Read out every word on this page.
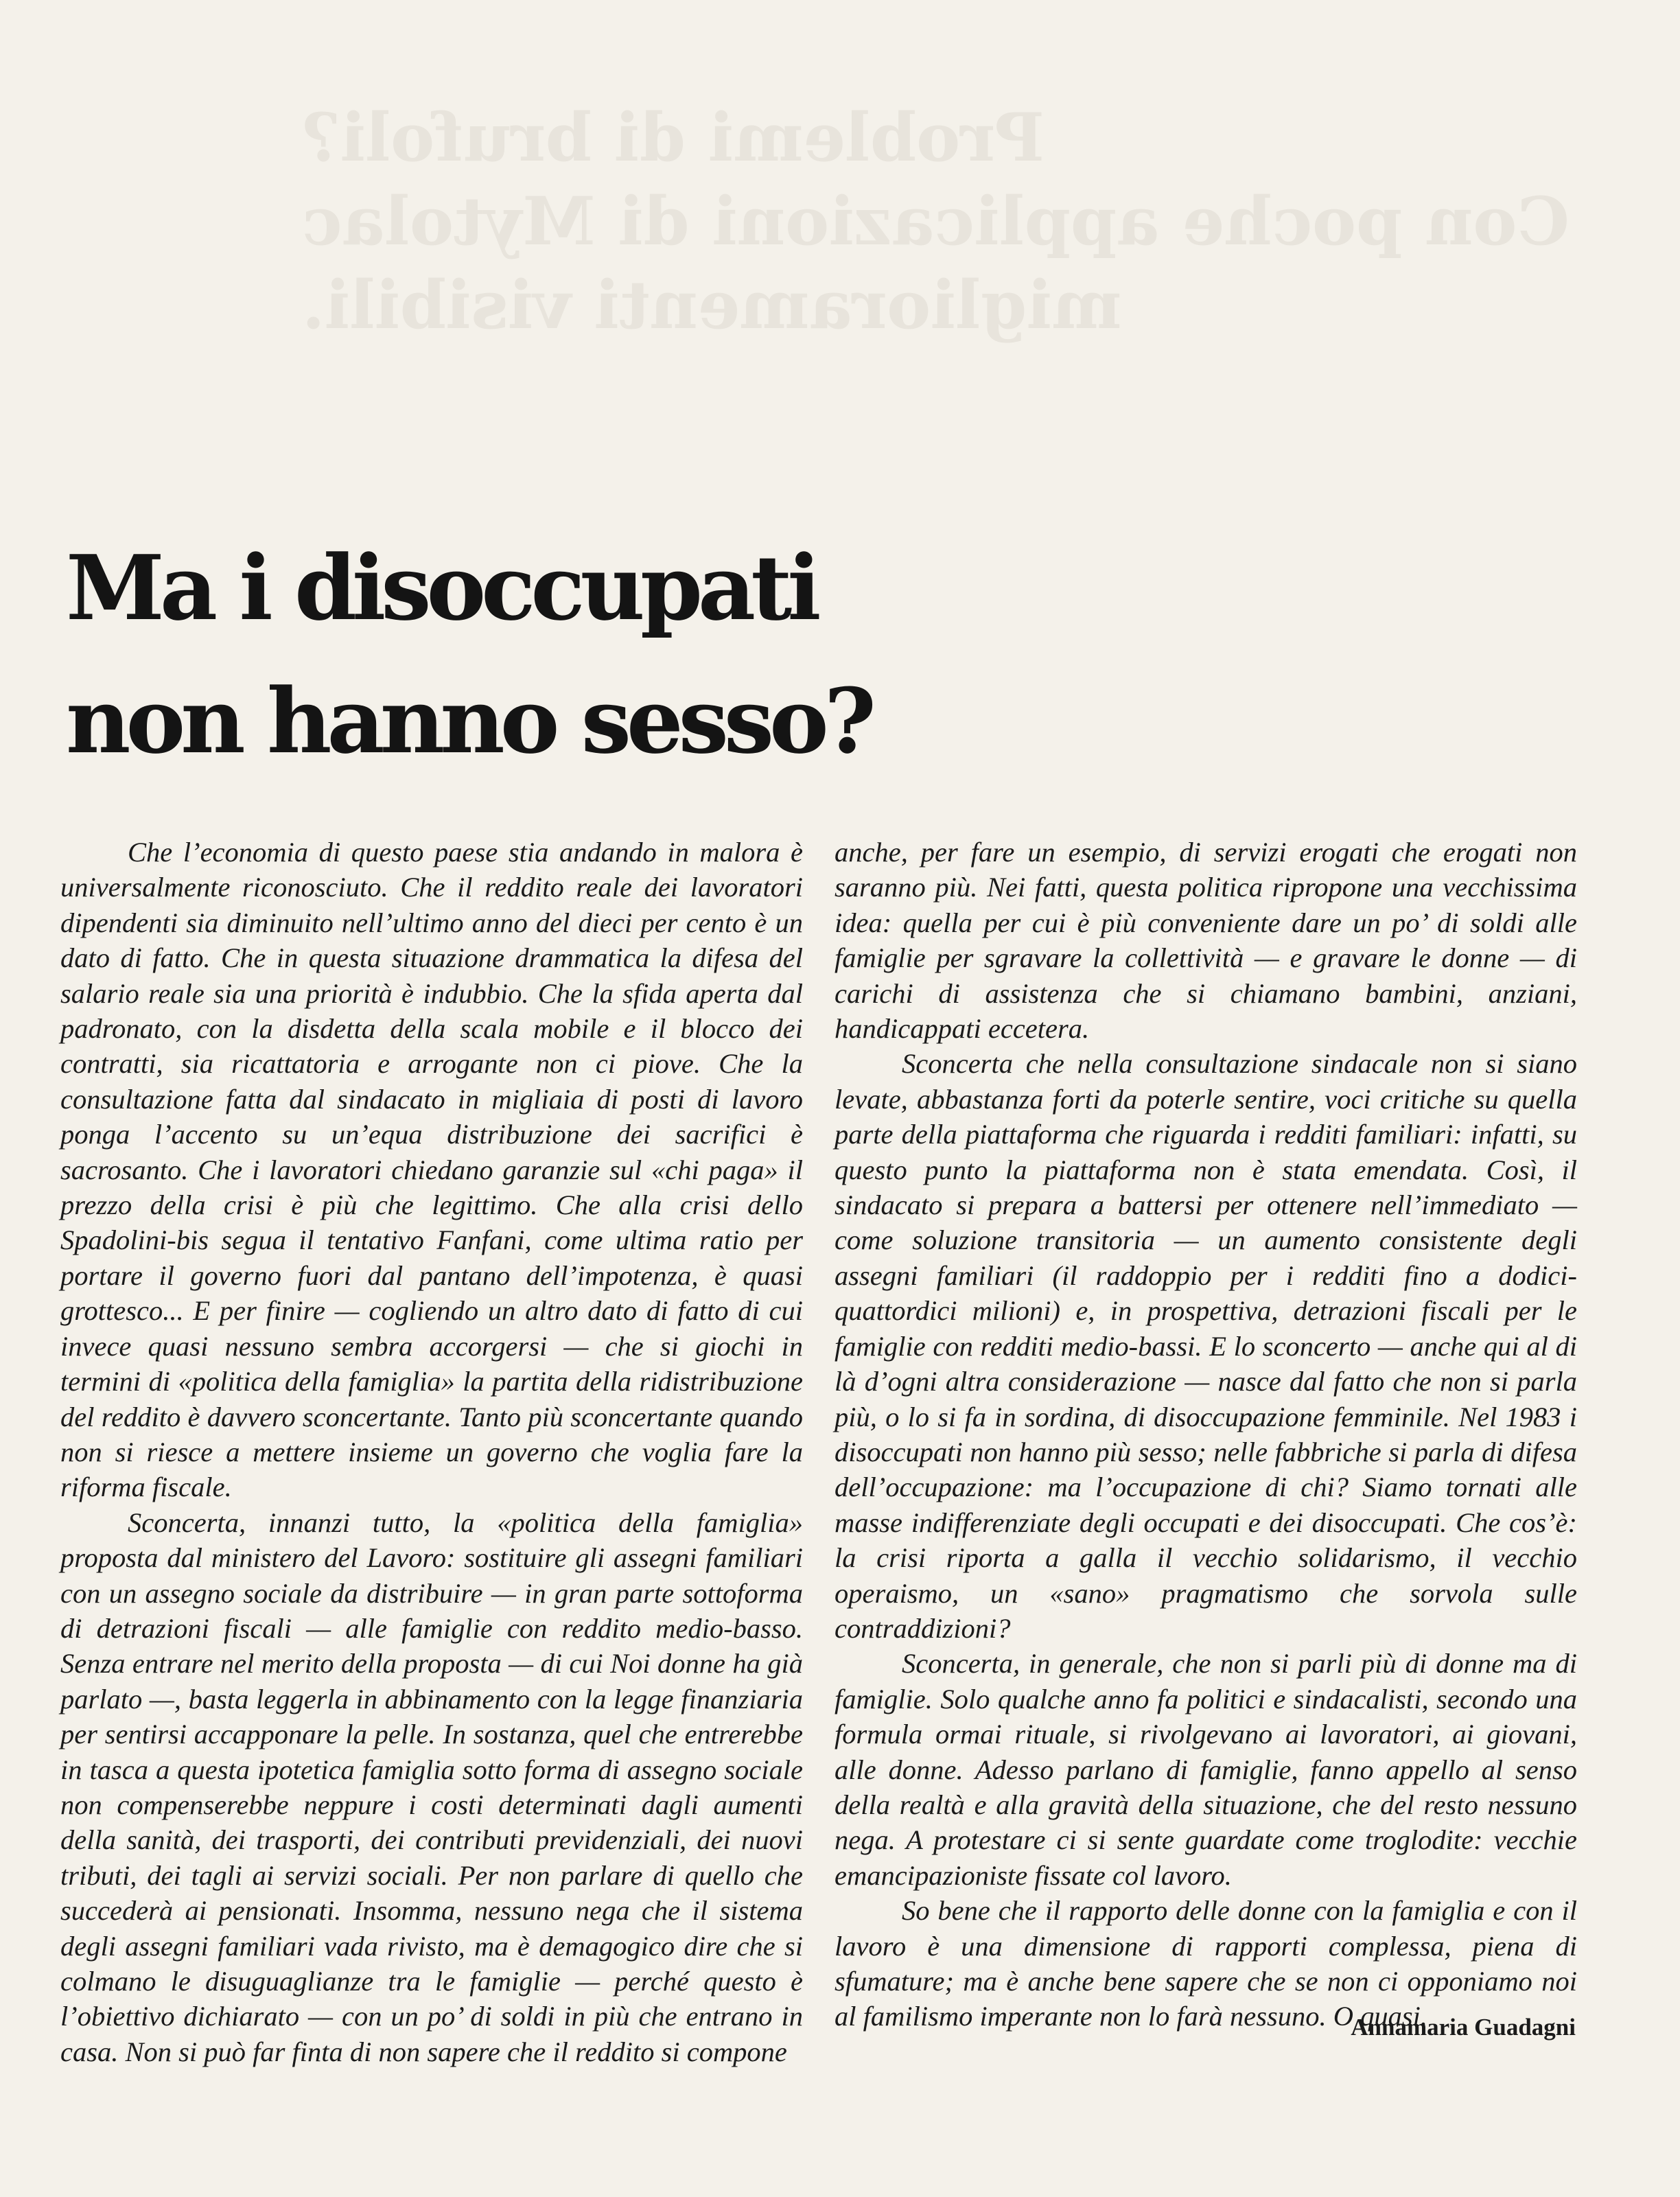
Problemi di brufoli?
Con poche applicazioni di Mytolac
miglioramenti visibili.
Ma i disoccupati
non hanno sesso?

Che l’economia di questo paese stia andando in malora è universalmente riconosciuto. Che il reddito reale dei lavoratori dipendenti sia diminuito nell’ultimo anno del dieci per cento è un dato di fatto. Che in questa situazione drammatica la difesa del salario reale sia una priorità è indubbio. Che la sfida aperta dal padronato, con la disdetta della scala mobile e il blocco dei contratti, sia ricattatoria e arrogante non ci piove. Che la consultazione fatta dal sindacato in migliaia di posti di lavoro ponga l’accento su un’equa distribuzione dei sacrifici è sacrosanto. Che i lavoratori chiedano garanzie sul «chi paga» il prezzo della crisi è più che legittimo. Che alla crisi dello Spadolini-bis segua il tentativo Fanfani, come ultima ratio per portare il governo fuori dal pantano dell’impotenza, è quasi grottesco... E per finire — cogliendo un altro dato di fatto di cui invece quasi nessuno sembra accorgersi — che si giochi in termini di «politica della famiglia» la partita della ridistribuzione del reddito è davvero sconcertante. Tanto più sconcertante quando non si riesce a mettere insieme un governo che voglia fare la riforma fiscale.

Sconcerta, innanzi tutto, la «politica della famiglia» proposta dal ministero del Lavoro: sostituire gli assegni familiari con un assegno sociale da distribuire — in gran parte sottoforma di detrazioni fiscali — alle famiglie con reddito medio-basso. Senza entrare nel merito della proposta — di cui Noi donne ha già parlato —, basta leggerla in abbinamento con la legge finanziaria per sentirsi accapponare la pelle. In sostanza, quel che entrerebbe in tasca a questa ipotetica famiglia sotto forma di assegno sociale non compenserebbe neppure i costi determinati dagli aumenti della sanità, dei trasporti, dei contributi previdenziali, dei nuovi tributi, dei tagli ai servizi sociali. Per non parlare di quello che succederà ai pensionati. Insomma, nessuno nega che il sistema degli assegni familiari vada rivisto, ma è demagogico dire che si colmano le disuguaglianze tra le famiglie — perché questo è l’obiettivo dichiarato — con un po’ di soldi in più che entrano in casa. Non si può far finta di non sapere che il reddito si compone

anche, per fare un esempio, di servizi erogati che erogati non saranno più. Nei fatti, questa politica ripropone una vecchissima idea: quella per cui è più conveniente dare un po’ di soldi alle famiglie per sgravare la collettività — e gravare le donne — di carichi di assistenza che si chiamano bambini, anziani, handicappati eccetera.

Sconcerta che nella consultazione sindacale non si siano levate, abbastanza forti da poterle sentire, voci critiche su quella parte della piattaforma che riguarda i redditi familiari: infatti, su questo punto la piattaforma non è stata emendata. Così, il sindacato si prepara a battersi per ottenere nell’immediato — come soluzione transitoria — un aumento consistente degli assegni familiari (il raddoppio per i redditi fino a dodici-quattordici milioni) e, in prospettiva, detrazioni fiscali per le famiglie con redditi medio-bassi. E lo sconcerto — anche qui al di là d’ogni altra considerazione — nasce dal fatto che non si parla più, o lo si fa in sordina, di disoccupazione femminile. Nel 1983 i disoccupati non hanno più sesso; nelle fabbriche si parla di difesa dell’occupazione: ma l’occupazione di chi? Siamo tornati alle masse indifferenziate degli occupati e dei disoccupati. Che cos’è: la crisi riporta a galla il vecchio solidarismo, il vecchio operaismo, un «sano» pragmatismo che sorvola sulle contraddizioni?

Sconcerta, in generale, che non si parli più di donne ma di famiglie. Solo qualche anno fa politici e sindacalisti, secondo una formula ormai rituale, si rivolgevano ai lavoratori, ai giovani, alle donne. Adesso parlano di famiglie, fanno appello al senso della realtà e alla gravità della situazione, che del resto nessuno nega. A protestare ci si sente guardate come troglodite: vecchie emancipazioniste fissate col lavoro.

So bene che il rapporto delle donne con la famiglia e con il lavoro è una dimensione di rapporti complessa, piena di sfumature; ma è anche bene sapere che se non ci opponiamo noi al familismo imperante non lo farà nessuno. O quasi.

Annamaria Guadagni
